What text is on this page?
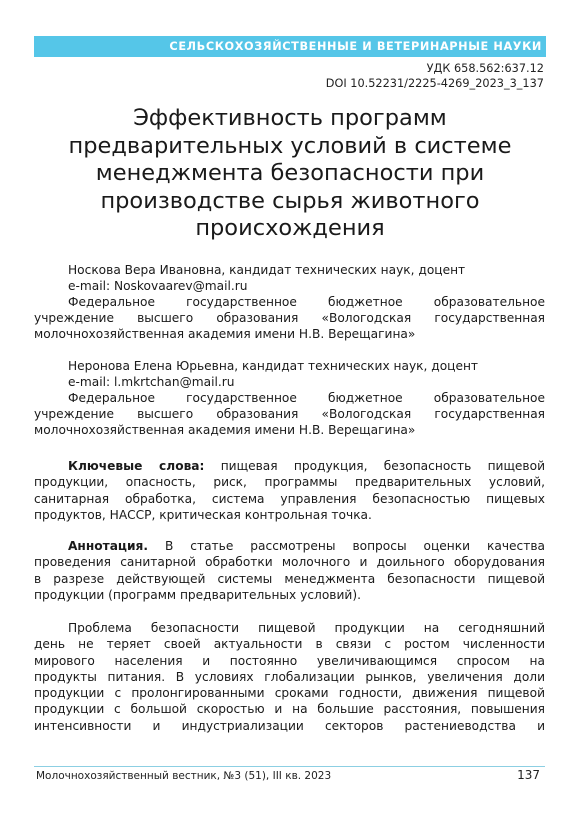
СЕЛЬСКОХОЗЯЙСТВЕННЫЕ И ВЕТЕРИНАРНЫЕ НАУКИ
УДК 658.562:637.12
DOI 10.52231/2225-4269_2023_3_137
Эффективность программ
предварительных условий в системе
менеджмента безопасности при
производстве сырья животного
происхождения
Носкова Вера Ивановна, кандидат технических наук, доцент
e-mail: Noskovaarev@mail.ru
Федеральное государственное бюджетное образовательное
учреждение высшего образования «Вологодская государственная
молочнохозяйственная академия имени Н.В. Верещагина»
Неронова Елена Юрьевна, кандидат технических наук, доцент
e-mail: l.mkrtchan@mail.ru
Федеральное государственное бюджетное образовательное
учреждение высшего образования «Вологодская государственная
молочнохозяйственная академия имени Н.В. Верещагина»
Ключевые слова: пищевая продукция, безопасность пищевой
продукции, опасность, риск, программы предварительных условий,
санитарная обработка, система управления безопасностью пищевых
продуктов, НАССР, критическая контрольная точка.
Аннотация. В статье рассмотрены вопросы оценки качества
проведения санитарной обработки молочного и доильного оборудования
в разрезе действующей системы менеджмента безопасности пищевой
продукции (программ предварительных условий).
Проблема безопасности пищевой продукции на сегодняшний
день не теряет своей актуальности в связи с ростом численности
мирового населения и постоянно увеличивающимся спросом на
продукты питания. В условиях глобализации рынков, увеличения доли
продукции с пролонгированными сроками годности, движения пищевой
продукции с большой скоростью и на большие расстояния, повышения
интенсивности и индустриализации секторов растениеводства и
Молочнохозяйственный вестник, №3 (51), III кв. 2023	137
